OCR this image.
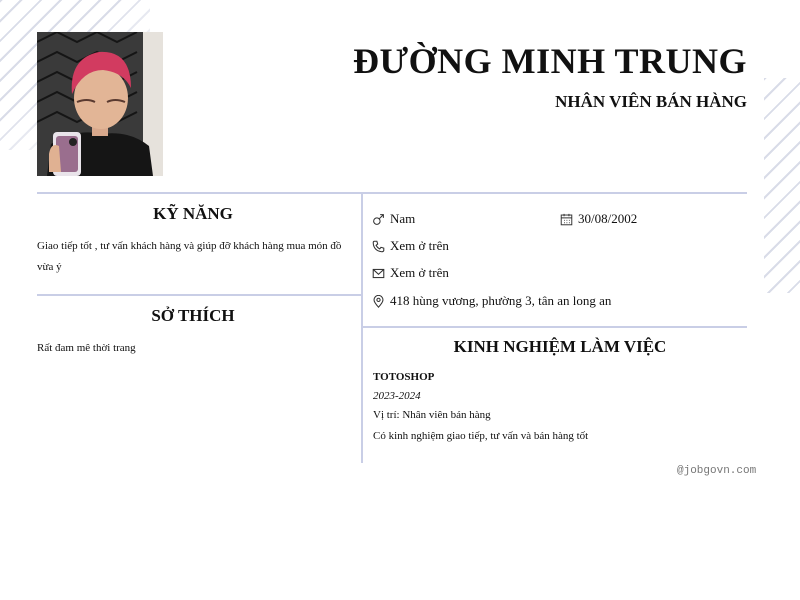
ĐƯỜNG MINH TRUNG
NHÂN VIÊN BÁN HÀNG
KỸ NĂNG
Giao tiếp tốt , tư vấn khách hàng và giúp đỡ khách hàng mua món đồ vừa ý
SỞ THÍCH
Rất đam mê thời trang
Nam	30/08/2002
Xem ở trên
Xem ở trên
418 hùng vương, phường 3, tân an long an
KINH NGHIỆM LÀM VIỆC
TOTOSHOP
2023-2024
Vị trí: Nhân viên bán hàng
Có kinh nghiệm giao tiếp, tư vấn và bán hàng tốt
@jobgovn.com
